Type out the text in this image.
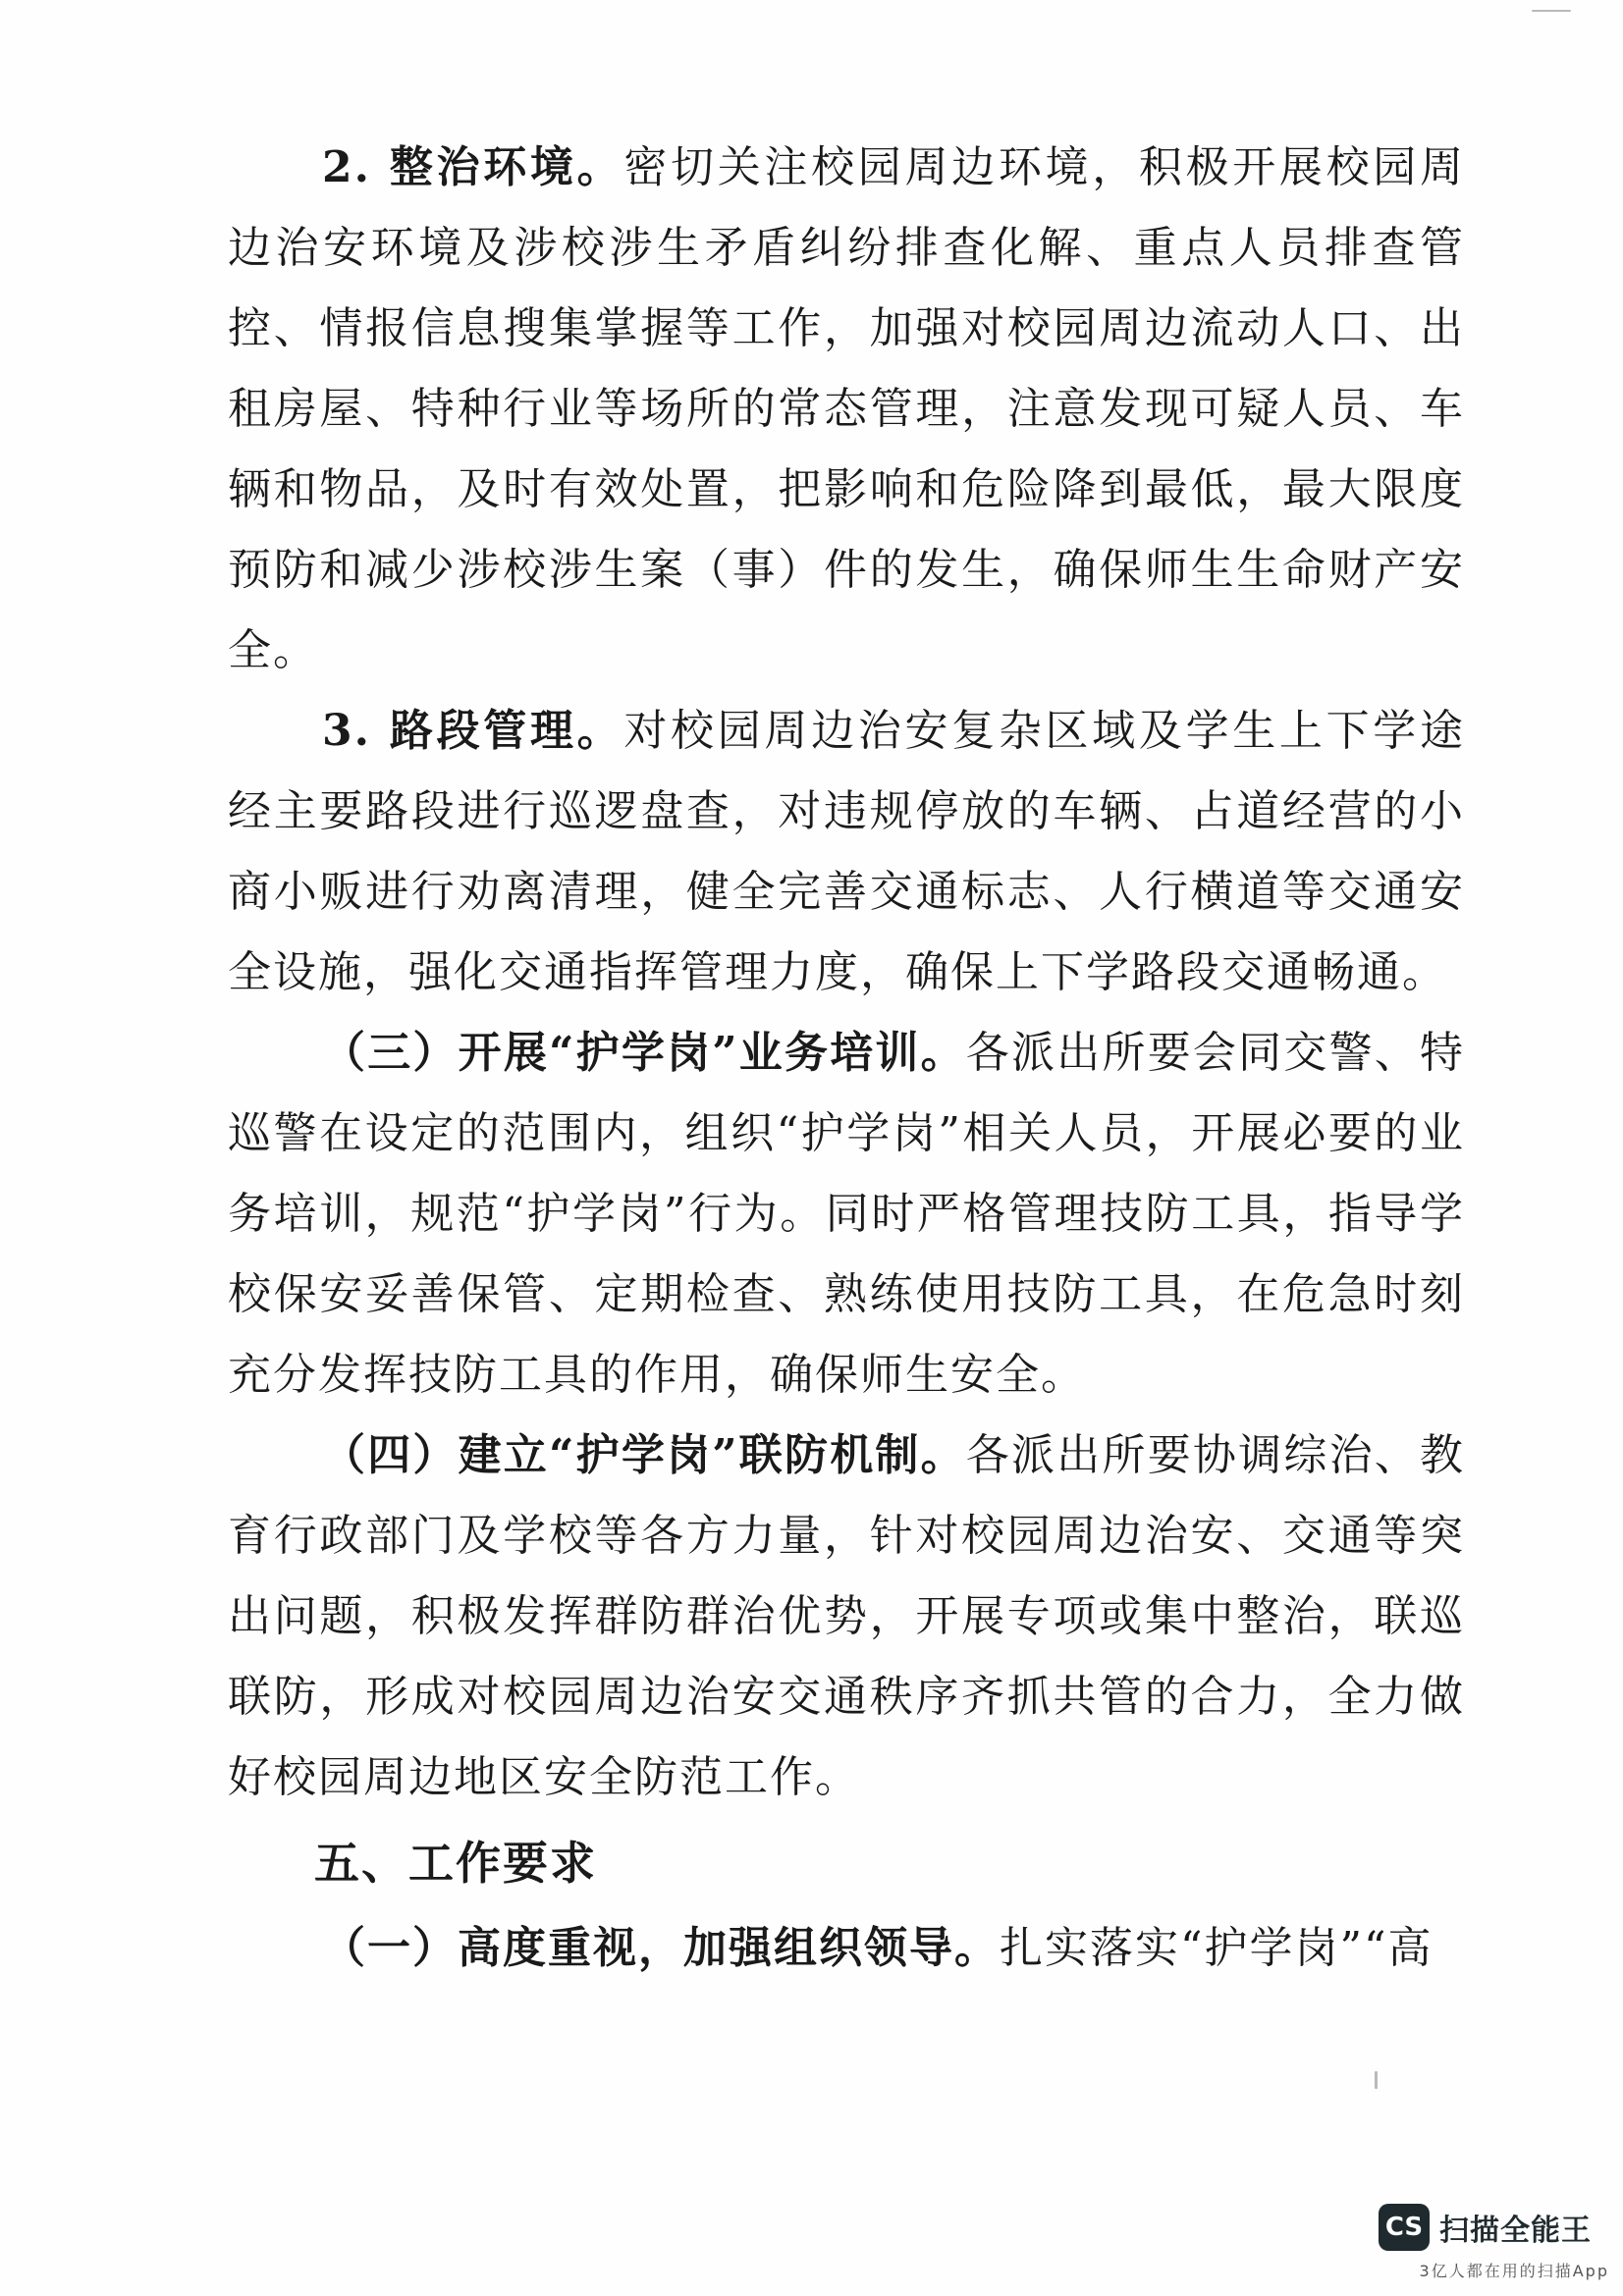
2. 整治环境。密切关注校园周边环境，积极开展校园周边治安环境及涉校涉生矛盾纠纷排查化解、重点人员排查管控、情报信息搜集掌握等工作，加强对校园周边流动人口、出租房屋、特种行业等场所的常态管理，注意发现可疑人员、车辆和物品，及时有效处置，把影响和危险降到最低，最大限度预防和减少涉校涉生案（事）件的发生，确保师生生命财产安全。

3. 路段管理。对校园周边治安复杂区域及学生上下学途经主要路段进行巡逻盘查，对违规停放的车辆、占道经营的小商小贩进行劝离清理，健全完善交通标志、人行横道等交通安全设施，强化交通指挥管理力度，确保上下学路段交通畅通。

（三）开展“护学岗”业务培训。各派出所要会同交警、特巡警在设定的范围内，组织“护学岗”相关人员，开展必要的业务培训，规范“护学岗”行为。同时严格管理技防工具，指导学校保安妥善保管、定期检查、熟练使用技防工具，在危急时刻充分发挥技防工具的作用，确保师生安全。

（四）建立“护学岗”联防机制。各派出所要协调综治、教育行政部门及学校等各方力量，针对校园周边治安、交通等突出问题，积极发挥群防群治优势，开展专项或集中整治，联巡联防，形成对校园周边治安交通秩序齐抓共管的合力，全力做好校园周边地区安全防范工作。

五、工作要求

（一）高度重视，加强组织领导。扎实落实“护学岗”“高

CS 扫描全能王
3亿人都在用的扫描App
